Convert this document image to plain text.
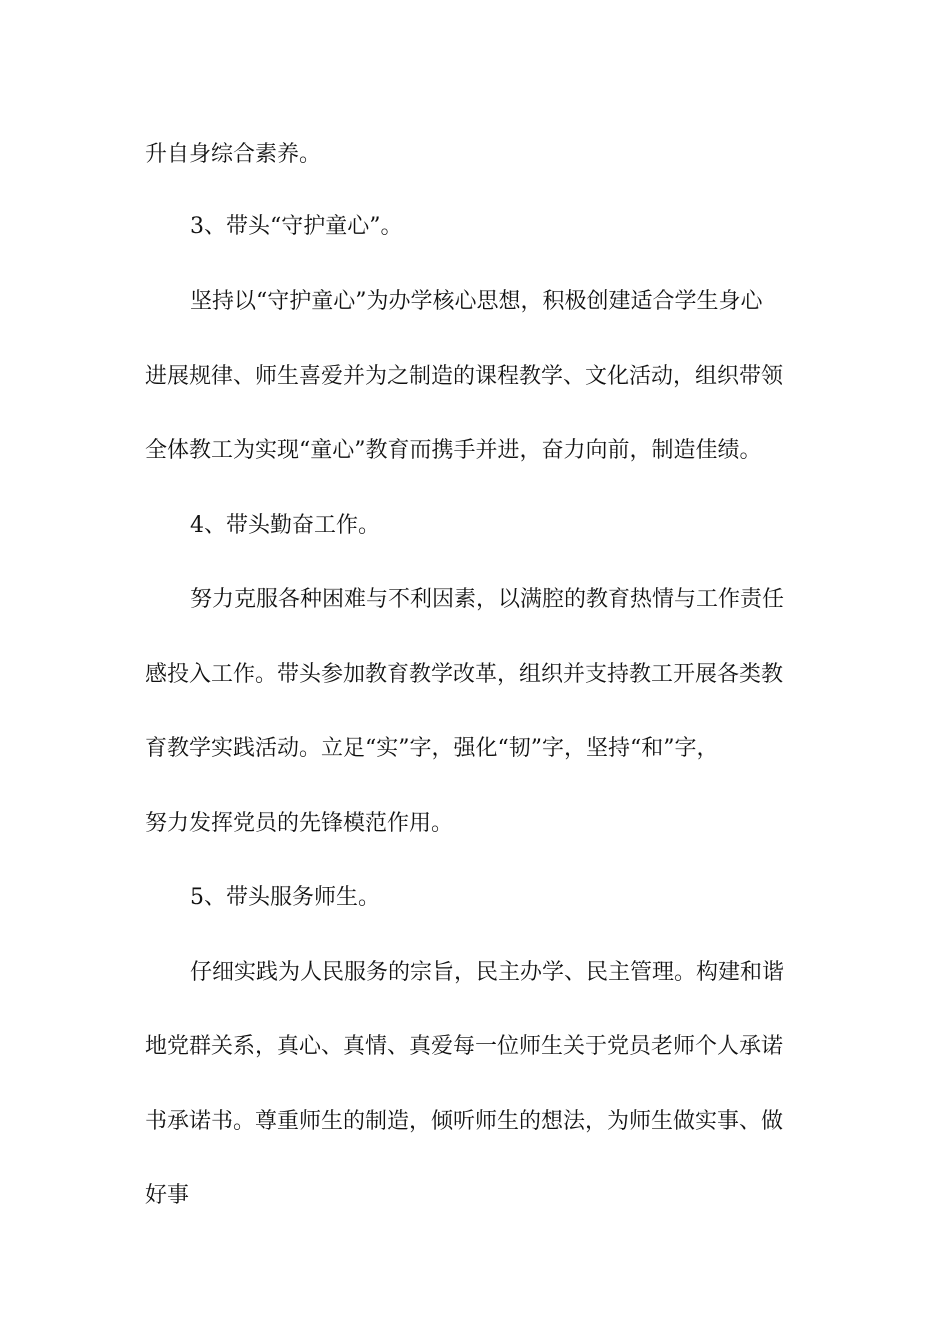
升自身综合素养。
3、带头“守护童心”。
坚持以“守护童心”为办学核心思想，积极创建适合学生身心
进展规律、师生喜爱并为之制造的课程教学、文化活动，组织带领
全体教工为实现“童心”教育而携手并进，奋力向前，制造佳绩。
4、带头勤奋工作。
努力克服各种困难与不利因素，以满腔的教育热情与工作责任
感投入工作。带头参加教育教学改革，组织并支持教工开展各类教
育教学实践活动。立足“实”字，强化“韧”字，坚持“和”字，
努力发挥党员的先锋模范作用。
5、带头服务师生。
仔细实践为人民服务的宗旨，民主办学、民主管理。构建和谐
地党群关系，真心、真情、真爱每一位师生关于党员老师个人承诺
书承诺书。尊重师生的制造，倾听师生的想法，为师生做实事、做
好事
